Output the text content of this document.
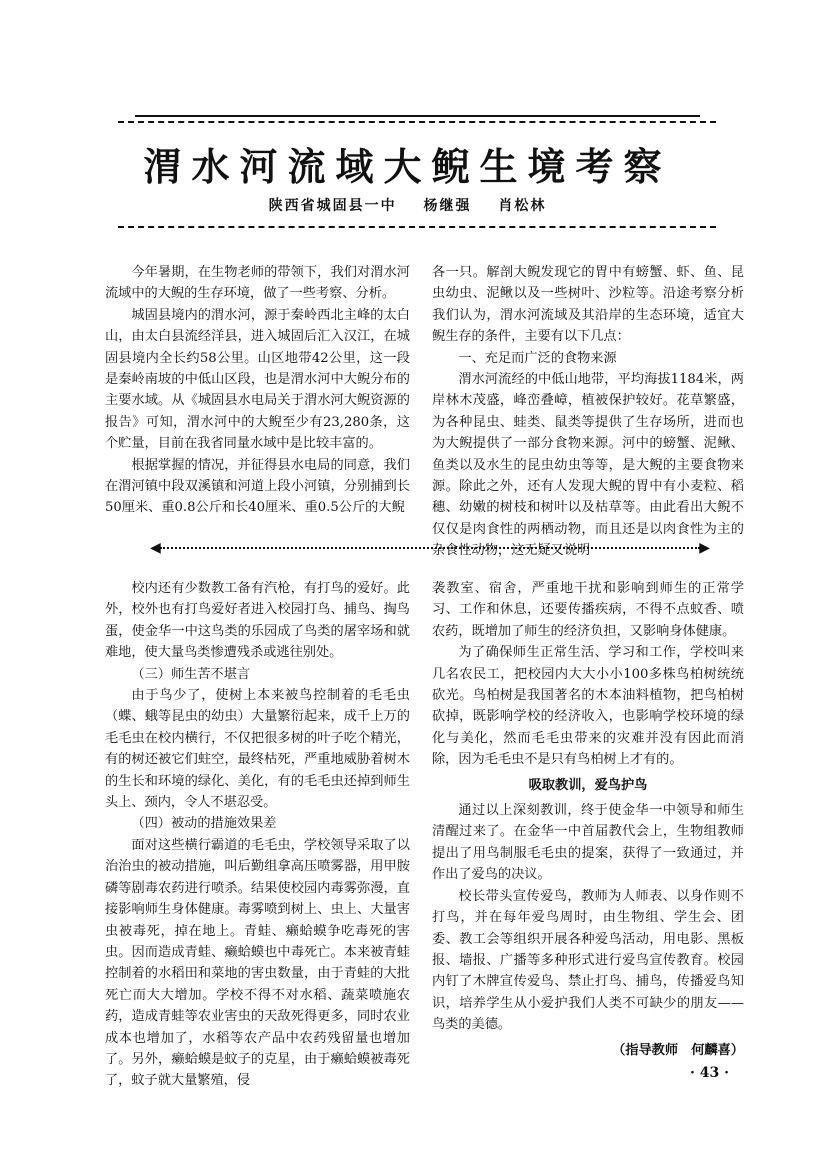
渭水河流域大鲵生境考察
陕西省城固县一中 杨继强 肖松林

今年暑期，在生物老师的带领下，我们对渭水河流域中的大鲵的生存环境，做了一些考察、分析。

城固县境内的渭水河，源于秦岭西北主峰的太白山，由太白县流经洋县，进入城固后汇入汉江，在城固县境内全长约58公里。山区地带42公里，这一段是秦岭南坡的中低山区段，也是渭水河中大鲵分布的主要水域。从《城固县水电局关于渭水河大鲵资源的报告》可知，渭水河中的大鲵至少有23,280条，这个贮量，目前在我省同量水域中是比较丰富的。

根据掌握的情况，并征得县水电局的同意，我们在渭河镇中段双溪镇和河道上段小河镇，分别捕到长50厘米、重0.8公斤和长40厘米、重0.5公斤的大鲵

各一只。解剖大鲵发现它的胃中有螃蟹、虾、鱼、昆虫幼虫、泥鳅以及一些树叶、沙粒等。沿途考察分析我们认为，渭水河流域及其沿岸的生态环境，适宜大鲵生存的条件，主要有以下几点：

一、充足而广泛的食物来源

渭水河流经的中低山地带，平均海拔1184米，两岸林木茂盛，峰峦叠嶂，植被保护较好。花草繁盛，为各种昆虫、蛙类、鼠类等提供了生存场所，进而也为大鲵提供了一部分食物来源。河中的螃蟹、泥鳅、鱼类以及水生的昆虫幼虫等等，是大鲵的主要食物来源。除此之外，还有人发现大鲵的胃中有小麦粒、稻穗、幼嫩的树枝和树叶以及枯草等。由此看出大鲵不仅仅是肉食性的两栖动物，而且还是以肉食性为主的杂食性动物，这无疑又说明

◀	▶

校内还有少数教工备有汽枪，有打鸟的爱好。此外，校外也有打鸟爱好者进入校园打鸟、捕鸟、掏鸟蛋，使金华一中这鸟类的乐园成了鸟类的屠宰场和就难地，使大量鸟类惨遭残杀或逃往别处。

（三）师生苦不堪言

由于鸟少了，使树上本来被鸟控制着的毛毛虫（蝶、蛾等昆虫的幼虫）大量繁衍起来，成千上万的毛毛虫在校内横行，不仅把很多树的叶子吃个精光，有的树还被它们蛀空，最终枯死，严重地威胁着树木的生长和环境的绿化、美化，有的毛毛虫还掉到师生头上、颈内，令人不堪忍受。

（四）被动的措施效果差

面对这些横行霸道的毛毛虫，学校领导采取了以治治虫的被动措施，叫后勤组拿高压喷雾器，用甲胺磷等剧毒农药进行喷杀。结果使校园内毒雾弥漫，直接影响师生身体健康。毒雾喷到树上、虫上、大量害虫被毒死，掉在地上。青蛙、癞蛤蟆争吃毒死的害虫。因而造成青蛙、癞蛤蟆也中毒死亡。本来被青蛙控制着的水稻田和菜地的害虫数量，由于青蛙的大批死亡而大大增加。学校不得不对水稻、蔬菜喷施农药，造成青蛙等农业害虫的天敌死得更多，同时农业成本也增加了，水稻等农产品中农药残留量也增加了。另外，癞蛤蟆是蚊子的克星，由于癞蛤蟆被毒死了，蚊子就大量繁殖，侵

袭教室、宿舍，严重地干扰和影响到师生的正常学习、工作和休息，还要传播疾病，不得不点蚊香、喷农药，既增加了师生的经济负担，又影响身体健康。

为了确保师生正常生活、学习和工作，学校叫来几名农民工，把校园内大大小小100多株鸟柏树统统砍光。鸟柏树是我国著名的木本油料植物，把鸟柏树砍掉，既影响学校的经济收入，也影响学校环境的绿化与美化，然而毛毛虫带来的灾难并没有因此而消除，因为毛毛虫不是只有鸟柏树上才有的。

吸取教训，爱鸟护鸟

通过以上深刻教训，终于使金华一中领导和师生清醒过来了。在金华一中首届教代会上，生物组教师提出了用鸟制服毛毛虫的提案，获得了一致通过，并作出了爱鸟的决议。

校长带头宣传爱鸟，教师为人师表、以身作则不打鸟，并在每年爱鸟周时，由生物组、学生会、团委、教工会等组织开展各种爱鸟活动，用电影、黑板报、墙报、广播等多种形式进行爱鸟宣传教育。校园内钉了木牌宣传爱鸟、禁止打鸟、捕鸟，传播爱鸟知识，培养学生从小爱护我们人类不可缺少的朋友——鸟类的美德。

（指导教师　何麟喜）

· 43 ·
